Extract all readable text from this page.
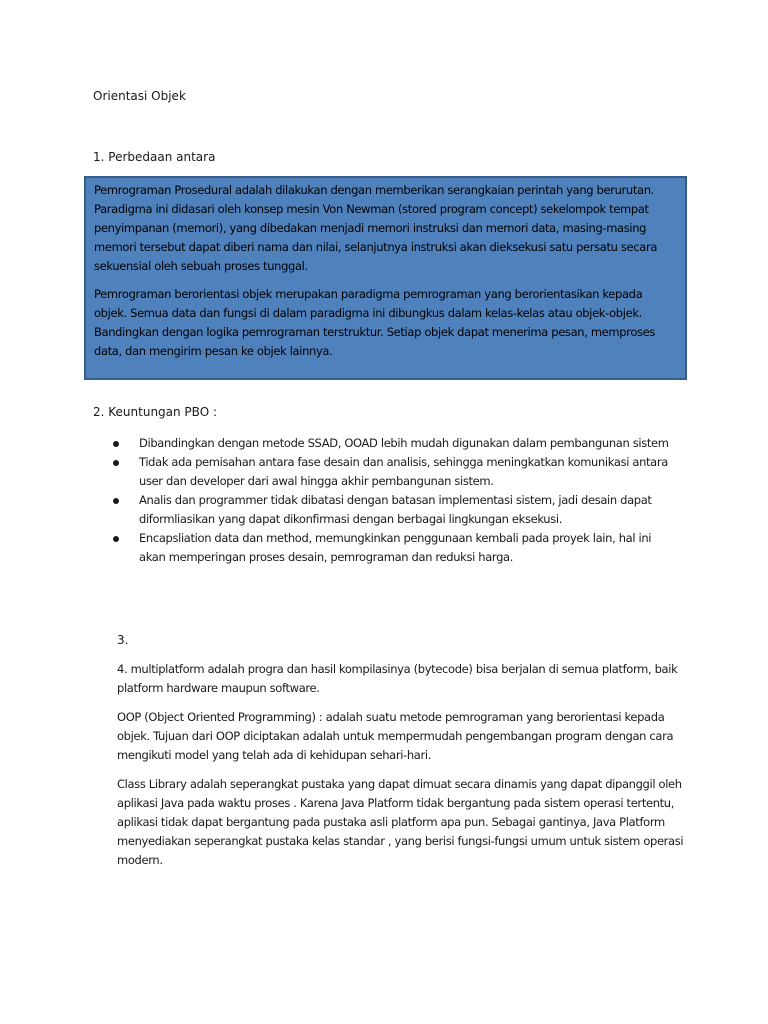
Orientasi Objek
1. Perbedaan antara

Pemrograman Prosedural adalah dilakukan dengan memberikan serangkaian perintah yang berurutan. Paradigma ini didasari oleh konsep mesin Von Newman (stored program concept) sekelompok tempat penyimpanan (memori), yang dibedakan menjadi memori instruksi dan memori data, masing-masing memori tersebut dapat diberi nama dan nilai, selanjutnya instruksi akan dieksekusi satu persatu secara sekuensial oleh sebuah proses tunggal.

Pemrograman berorientasi objek merupakan paradigma pemrograman yang berorientasikan kepada objek. Semua data dan fungsi di dalam paradigma ini dibungkus dalam kelas-kelas atau objek-objek. Bandingkan dengan logika pemrograman terstruktur. Setiap objek dapat menerima pesan, memproses data, dan mengirim pesan ke objek lainnya.

2. Keuntungan PBO :
Dibandingkan dengan metode SSAD, OOAD lebih mudah digunakan dalam pembangunan sistem
Tidak ada pemisahan antara fase desain dan analisis, sehingga meningkatkan komunikasi antara user dan developer dari awal hingga akhir pembangunan sistem.
Analis dan programmer tidak dibatasi dengan batasan implementasi sistem, jadi desain dapat diformliasikan yang dapat dikonfirmasi dengan berbagai lingkungan eksekusi.
Encapsliation data dan method, memungkinkan penggunaan kembali pada proyek lain, hal ini akan memperingan proses desain, pemrograman dan reduksi harga.
3.

4. multiplatform adalah progra dan hasil kompilasinya (bytecode) bisa berjalan di semua platform, baik platform hardware maupun software.

OOP (Object Oriented Programming) : adalah suatu metode pemrograman yang berorientasi kepada objek. Tujuan dari OOP diciptakan adalah untuk mempermudah pengembangan program dengan cara mengikuti model yang telah ada di kehidupan sehari-hari.

Class Library adalah seperangkat pustaka yang dapat dimuat secara dinamis yang dapat dipanggil oleh aplikasi Java pada waktu proses . Karena Java Platform tidak bergantung pada sistem operasi tertentu, aplikasi tidak dapat bergantung pada pustaka asli platform apa pun. Sebagai gantinya, Java Platform menyediakan seperangkat pustaka kelas standar , yang berisi fungsi-fungsi umum untuk sistem operasi modern.
